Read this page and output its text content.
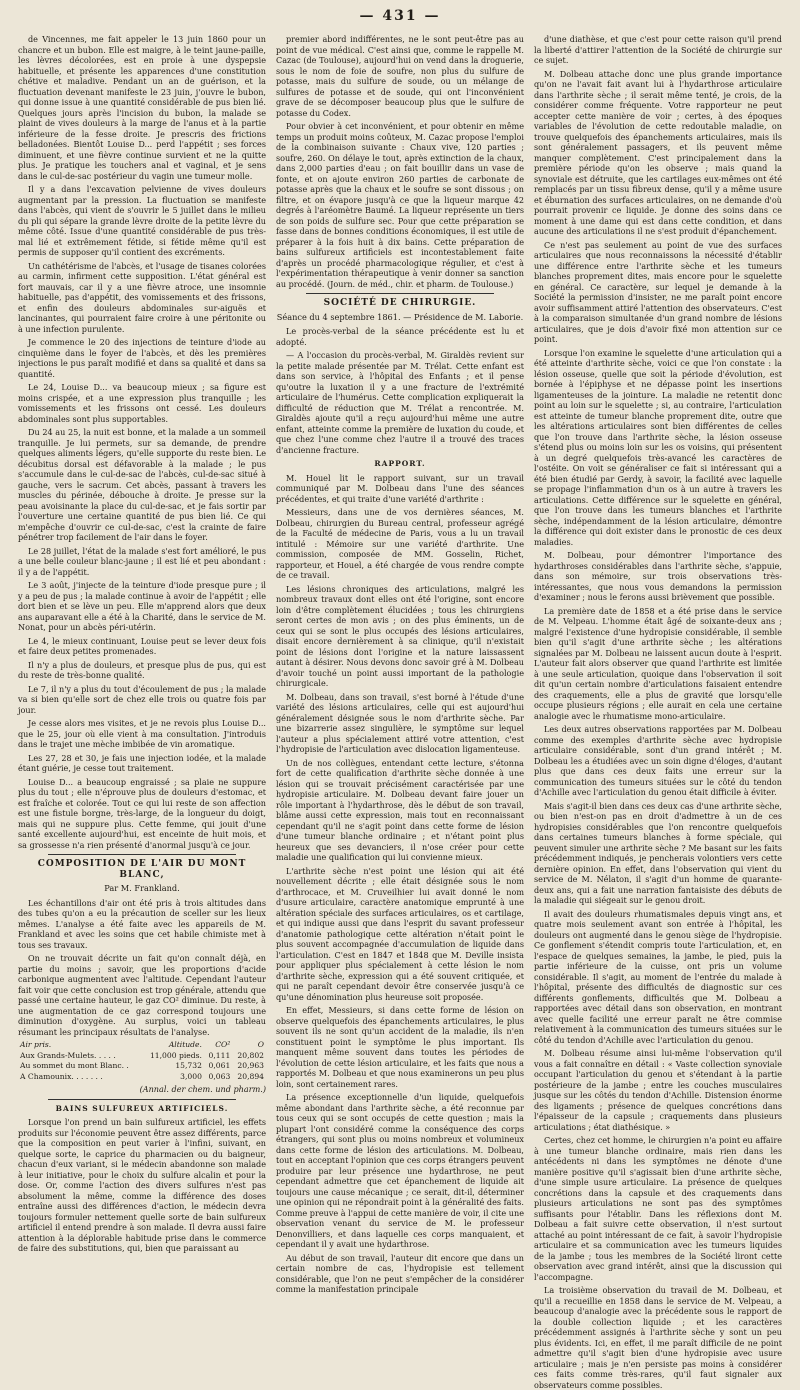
— 431 —

de Vincennes, me fait appeler le 13 juin 1860 pour un chancre et un bubon. Elle est maigre, à le teint jaune-paille, les lèvres décolorées, est en proie à une dyspepsie habituelle, et présente les apparences d'une constitution chétive et maladive. Pendant un an de guérison, et la fluctuation devenant manifeste le 23 juin, j'ouvre le bubon, qui donne issue à une quantité considérable de pus bien lié. Quelques jours après l'incision du bubon, la malade se plaint de vives douleurs à la marge de l'anus et à la partie inférieure de la fesse droite. Je prescris des frictions belladonées. Bientôt Louise D... perd l'appétit ; ses forces diminuent, et une fièvre continue survient et ne la quitte plus. Je pratique les touchers anal et vaginal, et je sens dans le cul-de-sac postérieur du vagin une tumeur molle.

Il y a dans l'excavation pelvienne de vives douleurs augmentant par la pression. La fluctuation se manifeste dans l'abcès, qui vient de s'ouvrir le 5 juillet dans le milieu du pli qui sépare la grande lèvre droite de la petite lèvre du même côté. Issue d'une quantité considérable de pus très-mal lié et extrêmement fétide, si fétide même qu'il est permis de supposer qu'il contient des excréments.

Un cathétérisme de l'abcès, et l'usage de tisanes colorées au carmin, infirment cette supposition. L'état général est fort mauvais, car il y a une fièvre atroce, une insomnie habituelle, pas d'appétit, des vomissements et des frissons, et enfin des douleurs abdominales sur-aiguës et lancinantes, qui pourraient faire croire à une péritonite ou à une infection purulente.

Je commence le 20 des injections de teinture d'iode au cinquième dans le foyer de l'abcès, et dès les premières injections le pus paraît modifié et dans sa qualité et dans sa quantité.

Le 24, Louise D... va beaucoup mieux ; sa figure est moins crispée, et a une expression plus tranquille ; les vomissements et les frissons ont cessé. Les douleurs abdominales sont plus supportables.

Du 24 au 25, la nuit est bonne, et la malade a un sommeil tranquille. Je lui permets, sur sa demande, de prendre quelques aliments légers, qu'elle supporte du reste bien. Le décubitus dorsal est défavorable à la malade ; le pus s'accumule dans le cul-de-sac de l'abcès, cul-de-sac situé à gauche, vers le sacrum. Cet abcès, passant à travers les muscles du périnée, débouche à droite. Je presse sur la peau avoisinante la place du cul-de-sac, et je fais sortir par l'ouverture une certaine quantité de pus bien lié. Ce qui m'empêche d'ouvrir ce cul-de-sac, c'est la crainte de faire pénétrer trop facilement de l'air dans le foyer.

Le 28 juillet, l'état de la malade s'est fort amélioré, le pus a une belle couleur blanc-jaune ; il est lié et peu abondant : il y a de l'appétit.

Le 3 août, j'injecte de la teinture d'iode presque pure ; il y a peu de pus ; la malade continue à avoir de l'appétit ; elle dort bien et se lève un peu. Elle m'apprend alors que deux ans auparavant elle a été à la Charité, dans le service de M. Nonat, pour un abcès péri-utérin.

Le 4, le mieux continuant, Louise peut se lever deux fois et faire deux petites promenades.

Il n'y a plus de douleurs, et presque plus de pus, qui est du reste de très-bonne qualité.

Le 7, il n'y a plus du tout d'écoulement de pus ; la malade va si bien qu'elle sort de chez elle trois ou quatre fois par jour.

Je cesse alors mes visites, et je ne revois plus Louise D... que le 25, jour où elle vient à ma consultation. J'introduis dans le trajet une mèche imbibée de vin aromatique.

Les 27, 28 et 30, je fais une injection iodée, et la malade étant guérie, je cesse tout traitement.

Louise D... a beaucoup engraissé ; sa plaie ne suppure plus du tout ; elle n'éprouve plus de douleurs d'estomac, et est fraîche et colorée. Tout ce qui lui reste de son affection est une fistule borgne, très-large, de la longueur du doigt, mais qui ne suppure plus. Cette femme, qui jouit d'une santé excellente aujourd'hui, est enceinte de huit mois, et sa grossesse n'a rien présenté d'anormal jusqu'à ce jour.

COMPOSITION DE L'AIR DU MONT BLANC,
Par M. Frankland.

Les échantillons d'air ont été pris à trois altitudes dans des tubes qu'on a eu la précaution de sceller sur les lieux mêmes. L'analyse a été faite avec les appareils de M. Frankland et avec les soins que cet habile chimiste met à tous ses travaux.

On ne trouvait décrite un fait qu'on connaît déjà, en partie du moins ; savoir, que les proportions d'acide carbonique augmentent avec l'altitude. Cependant l'auteur fait voir que cette conclusion est trop générale, attendu que passé une certaine hauteur, le gaz CO² diminue. Du reste, à une augmentation de ce gaz correspond toujours une diminution d'oxygène. Au surplus, voici un tableau résumant les principaux résultats de l'analyse.

Air pris.	Altitude.	CO²	O
Aux Grands-Mulets. . . . .	11,000 pieds.	0,111	20,802
Au sommet du mont Blanc. .	15,732	0,061	20,963
A Chamounix. . . . . . .	3,000	0,063	20,894
(Annal. der chem. und pharm.)
BAINS SULFUREUX ARTIFICIELS.

Lorsque l'on prend un bain sulfureux artificiel, les effets produits sur l'économie peuvent être assez différents, parce que la composition en peut varier à l'infini, suivant, en quelque sorte, le caprice du pharmacien ou du baigneur, chacun d'eux variant, si le médecin abandonne son malade à leur initiative, pour le choix du sulfure alcalin et pour la dose. Or, comme l'action des divers sulfures n'est pas absolument la même, comme la différence des doses entraîne aussi des différences d'action, le médecin devra toujours formuler nettement quelle sorte de bain sulfureux artificiel il entend prendre à son malade. Il devra aussi faire attention à la déplorable habitude prise dans le commerce de faire des substitutions, qui, bien que paraissant au

premier abord indifférentes, ne le sont peut-être pas au point de vue médical. C'est ainsi que, comme le rappelle M. Cazac (de Toulouse), aujourd'hui on vend dans la droguerie, sous le nom de foie de soufre, non plus du sulfure de potasse, mais du sulfure de soude, ou un mélange de sulfures de potasse et de soude, qui ont l'inconvénient grave de se décomposer beaucoup plus que le sulfure de potasse du Codex.

Pour obvier à cet inconvénient, et pour obtenir en même temps un produit moins coûteux, M. Cazac propose l'emploi de la combinaison suivante : Chaux vive, 120 parties ; soufre, 260. On délaye le tout, après extinction de la chaux, dans 2,000 parties d'eau ; on fait bouillir dans un vase de fonte, et on ajoute environ 260 parties de carbonate de potasse après que la chaux et le soufre se sont dissous ; on filtre, et on évapore jusqu'à ce que la liqueur marque 42 degrés à l'aréomètre Baumé. La liqueur représente un tiers de son poids de sulfure sec. Pour que cette préparation se fasse dans de bonnes conditions économiques, il est utile de préparer à la fois huit à dix bains. Cette préparation de bains sulfureux artificiels est incontestablement faite d'après un procédé pharmacologique régulier, et c'est à l'expérimentation thérapeutique à venir donner sa sanction au procédé. (Journ. de méd., chir. et pharm. de Toulouse.)

SOCIÉTÉ DE CHIRURGIE.
Séance du 4 septembre 1861. — Présidence de M. Laborie.

Le procès-verbal de la séance précédente est lu et adopté.

— A l'occasion du procès-verbal, M. Giraldès revient sur la petite malade présentée par M. Trélat. Cette enfant est dans son service, à l'hôpital des Enfants ; et il pense qu'outre la luxation il y a une fracture de l'extrémité articulaire de l'humérus. Cette complication expliquerait la difficulté de réduction que M. Trélat a rencontrée. M. Giraldès ajoute qu'il a reçu aujourd'hui même une autre enfant, atteinte comme la première de luxation du coude, et que chez l'une comme chez l'autre il a trouvé des traces d'ancienne fracture.

RAPPORT.

M. Houel lit le rapport suivant, sur un travail communiqué par M. Dolbeau dans l'une des séances précédentes, et qui traite d'une variété d'arthrite :

Messieurs, dans une de vos dernières séances, M. Dolbeau, chirurgien du Bureau central, professeur agrégé de la Faculté de médecine de Paris, vous a lu un travail intitulé : Mémoire sur une variété d'arthrite. Une commission, composée de MM. Gosselin, Richet, rapporteur, et Houel, a été chargée de vous rendre compte de ce travail.

Les lésions chroniques des articulations, malgré les nombreux travaux dont elles ont été l'origine, sont encore loin d'être complètement élucidées ; tous les chirurgiens seront certes de mon avis ; on des plus éminents, un de ceux qui se sont le plus occupés des lésions articulaires, disait encore dernièrement à sa clinique, qu'il n'existait point de lésions dont l'origine et la nature laissassent autant à désirer. Nous devons donc savoir gré à M. Dolbeau d'avoir touché un point aussi important de la pathologie chirurgicale.

M. Dolbeau, dans son travail, s'est borné à l'étude d'une variété des lésions articulaires, celle qui est aujourd'hui généralement désignée sous le nom d'arthrite sèche. Par une bizarrerie assez singulière, le symptôme sur lequel l'auteur a plus spécialement attiré votre attention, c'est l'hydropisie de l'articulation avec dislocation ligamenteuse.

Un de nos collègues, entendant cette lecture, s'étonna fort de cette qualification d'arthrite sèche donnée à une lésion qui se trouvait précisément caractérisée par une hydropisie articulaire. M. Dolbeau devant faire jouer un rôle important à l'hydarthrose, dès le début de son travail, blâme aussi cette expression, mais tout en reconnaissant cependant qu'il ne s'agit point dans cette forme de lésion d'une tumeur blanche ordinaire ; et n'étant point plus heureux que ses devanciers, il n'ose créer pour cette maladie une qualification qui lui convienne mieux.

L'arthrite sèche n'est point une lésion qui ait été nouvellement décrite ; elle était désignée sous le nom d'arthrocace, et M. Cruveilhier lui avait donné le nom d'usure articulaire, caractère anatomique emprunté à une altération spéciale des surfaces articulaires, os et cartilage, et qui indique aussi que dans l'esprit du savant professeur d'anatomie pathologique cette altération n'était point le plus souvent accompagnée d'accumulation de liquide dans l'articulation. C'est en 1847 et 1848 que M. Deville insista pour appliquer plus spécialement à cette lésion le nom d'arthrite sèche, expression qui a été souvent critiquée, et qui ne paraît cependant devoir être conservée jusqu'à ce qu'une dénomination plus heureuse soit proposée.

En effet, Messieurs, si dans cette forme de lésion on observe quelquefois des épanchements articulaires, le plus souvent ils ne sont qu'un accident de la maladie, ils n'en constituent point le symptôme le plus important. Ils manquent même souvent dans toutes les périodes de l'évolution de cette lésion articulaire, et les faits que nous a rapportés M. Dolbeau et que nous examinerons un peu plus loin, sont certainement rares.

La présence exceptionnelle d'un liquide, quelquefois même abondant dans l'arthrite sèche, a été reconnue par tous ceux qui se sont occupés de cette question ; mais la plupart l'ont considéré comme la conséquence des corps étrangers, qui sont plus ou moins nombreux et volumineux dans cette forme de lésion des articulations. M. Dolbeau, tout en acceptant l'opinion que ces corps étrangers peuvent produire par leur présence une hydarthrose, ne peut cependant admettre que cet épanchement de liquide ait toujours une cause mécanique ; ce serait, dit-il, déterminer une opinion qui ne répondrait point à la généralité des faits. Comme preuve à l'appui de cette manière de voir, il cite une observation venant du service de M. le professeur Denonvilliers, et dans laquelle ces corps manquaient, et cependant il y avait une hydarthrose.

Au début de son travail, l'auteur dit encore que dans un certain nombre de cas, l'hydropisie est tellement considérable, que l'on ne peut s'empêcher de la considérer comme la manifestation principale

d'une diathèse, et que c'est pour cette raison qu'il prend la liberté d'attirer l'attention de la Société de chirurgie sur ce sujet.

M. Dolbeau attache donc une plus grande importance qu'on ne l'avait fait avant lui à l'hydarthrose articulaire dans l'arthrite sèche ; il serait même tenté, je crois, de la considérer comme fréquente. Votre rapporteur ne peut accepter cette manière de voir ; certes, à des époques variables de l'évolution de cette redoutable maladie, on trouve quelquefois des épanchements articulaires, mais ils sont généralement passagers, et ils peuvent même manquer complètement. C'est principalement dans la première période qu'on les observe ; mais quand la synoviale est détruite, que les cartilages eux-mêmes ont été remplacés par un tissu fibreux dense, qu'il y a même usure et éburnation des surfaces articulaires, on ne demande d'où pourrait provenir ce liquide. Je donne des soins dans ce moment à une dame qui est dans cette condition, et dans aucune des articulations il ne s'est produit d'épanchement.

Ce n'est pas seulement au point de vue des surfaces articulaires que nous reconnaissons la nécessité d'établir une différence entre l'arthrite sèche et les tumeurs blanches proprement dites, mais encore pour le squelette en général. Ce caractère, sur lequel je demande à la Société la permission d'insister, ne me paraît point encore avoir suffisamment attiré l'attention des observateurs. C'est à la comparaison simultanée d'un grand nombre de lésions articulaires, que je dois d'avoir fixé mon attention sur ce point.

Lorsque l'on examine le squelette d'une articulation qui a été atteinte d'arthrite sèche, voici ce que l'on constate : la lésion osseuse, quelle que soit la période d'évolution, est bornée à l'épiphyse et ne dépasse point les insertions ligamenteuses de la jointure. La maladie ne retentit donc point au loin sur le squelette ; si, au contraire, l'articulation est atteinte de tumeur blanche proprement dite, outre que les altérations articulaires sont bien différentes de celles que l'on trouve dans l'arthrite sèche, la lésion osseuse s'étend plus ou moins loin sur les os voisins, qui présentent à un degré quelquefois très-avancé les caractères de l'ostéite. On voit se généraliser ce fait si intéressant qui a été bien étudié par Gerdy, à savoir, la facilité avec laquelle se propage l'inflammation d'un os à un autre à travers les articulations. Cette différence sur le squelette en général, que l'on trouve dans les tumeurs blanches et l'arthrite sèche, indépendamment de la lésion articulaire, démontre la différence qui doit exister dans le pronostic de ces deux maladies.

M. Dolbeau, pour démontrer l'importance des hydarthroses considérables dans l'arthrite sèche, s'appuie, dans son mémoire, sur trois observations très-intéressantes, que nous vous demandons la permission d'examiner ; nous le ferons aussi brièvement que possible.

La première date de 1858 et a été prise dans le service de M. Velpeau. L'homme était âgé de soixante-deux ans ; malgré l'existence d'une hydropisie considérable, il semble bien qu'il s'agit d'une arthrite sèche ; les altérations signalées par M. Dolbeau ne laissent aucun doute à l'esprit. L'auteur fait alors observer que quand l'arthrite est limitée à une seule articulation, quoique dans l'observation il soit dit qu'un certain nombre d'articulations faisaient entendre des craquements, elle a plus de gravité que lorsqu'elle occupe plusieurs régions ; elle aurait en cela une certaine analogie avec le rhumatisme mono-articulaire.

Les deux autres observations rapportées par M. Dolbeau comme des exemples d'arthrite sèche avec hydropisie articulaire considérable, sont d'un grand intérêt ; M. Dolbeau les a étudiées avec un soin digne d'éloges, d'autant plus que dans ces deux faits une erreur sur la communication des tumeurs situées sur le côté du tendon d'Achille avec l'articulation du genou était difficile à éviter.

Mais s'agit-il bien dans ces deux cas d'une arthrite sèche, ou bien n'est-on pas en droit d'admettre à un de ces hydropisies considérables que l'on rencontre quelquefois dans certaines tumeurs blanches à forme spéciale, qui peuvent simuler une arthrite sèche ? Me basant sur les faits précédemment indiqués, je pencherais volontiers vers cette dernière opinion. En effet, dans l'observation qui vient du service de M. Nélaton, il s'agit d'un homme de quarante-deux ans, qui a fait une narration fantaisiste des débuts de la maladie qui siégeait sur le genou droit.

Il avait des douleurs rhumatismales depuis vingt ans, et quatre mois seulement avant son entrée à l'hôpital, les douleurs ont augmenté dans le genou siège de l'hydropisie. Ce gonflement s'étendit compris toute l'articulation, et, en l'espace de quelques semaines, la jambe, le pied, puis la partie inférieure de la cuisse, ont pris un volume considérable. Il s'agit, au moment de l'entrée du malade à l'hôpital, présente des difficultés de diagnostic sur ces différents gonflements, difficultés que M. Dolbeau a rapportées avec détail dans son observation, en montrant avec quelle facilité une erreur paraît ne être commise relativement à la communication des tumeurs situées sur le côté du tendon d'Achille avec l'articulation du genou.

M. Dolbeau résume ainsi lui-même l'observation qu'il vous a fait connaître en détail : « Vaste collection synoviale occupant l'articulation du genou et s'étendant à la partie postérieure de la jambe ; entre les couches musculaires jusque sur les côtés du tendon d'Achille. Distension énorme des ligaments ; présence de quelques concrétions dans l'épaisseur de la capsule ; craquements dans plusieurs articulations ; état diathésique. »

Certes, chez cet homme, le chirurgien n'a point eu affaire à une tumeur blanche ordinaire, mais rien dans les antécédents ni dans les symptômes ne dénote d'une manière positive qu'il s'agissait bien d'une arthrite sèche, d'une simple usure articulaire. La présence de quelques concrétions dans la capsule et des craquements dans plusieurs articulations ne sont pas des symptômes suffisants pour l'établir. Dans les réflexions dont M. Dolbeau a fait suivre cette observation, il n'est surtout attaché au point intéressant de ce fait, à savoir l'hydropisie articulaire et sa communication avec les tumeurs liquides de la jambe ; tous les membres de la Société liront cette observation avec grand intérêt, ainsi que la discussion qui l'accompagne.

La troisième observation du travail de M. Dolbeau, et qu'il a recueillie en 1858 dans le service de M. Velpeau, a beaucoup d'analogie avec la précédente sous le rapport de la double collection liquide ; et les caractères précédemment assignés à l'arthrite sèche y sont un peu plus évidents. Ici, en effet, il me paraît difficile de ne point admettre qu'il s'agit bien d'une hydropisie avec usure articulaire ; mais je n'en persiste pas moins à considérer ces faits comme très-rares, qu'il faut signaler aux observateurs comme possibles.
